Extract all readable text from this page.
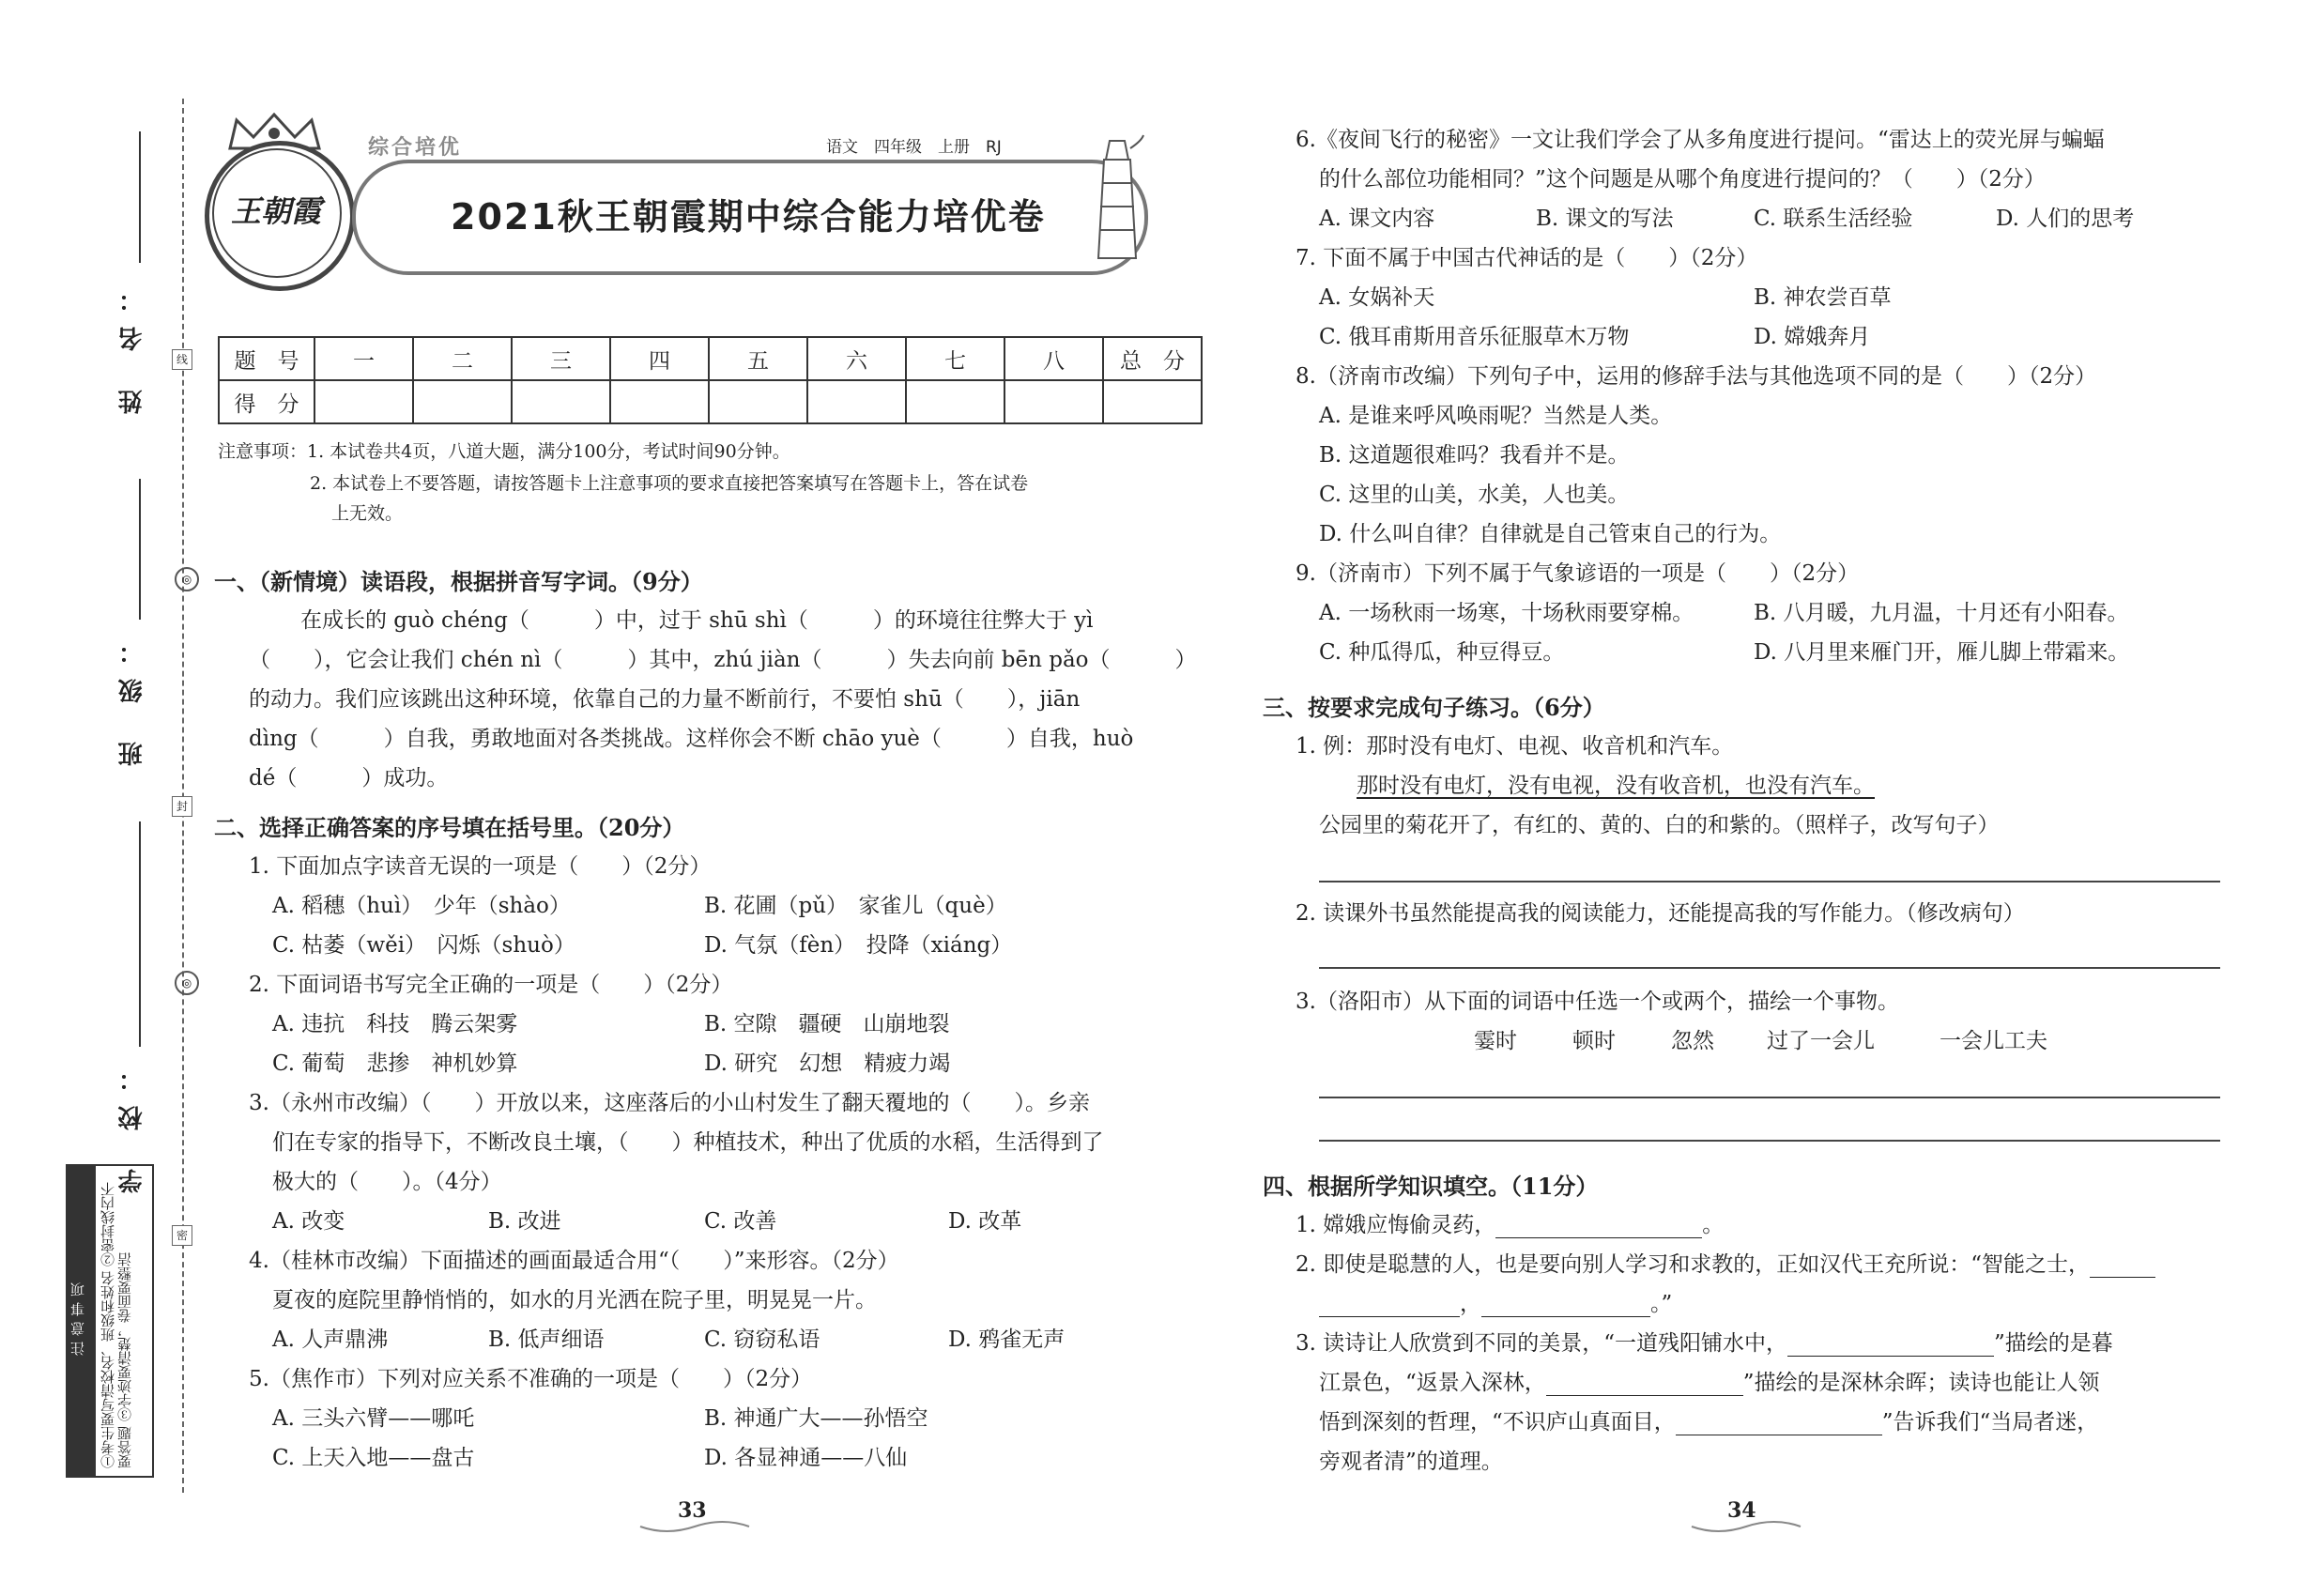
姓 名：
班 级：
学 校：
线
封
密
注意事项 ①考生要写清校名、班级和姓名 ②密封线内不要答题 ③字迹要清楚，卷面要整洁
王朝霞
综合培优	语文　四年级　上册　RJ
2021秋王朝霞期中综合能力培优卷
题　号	一	二	三	四	五	六	七	八	总　分
得　分									
注意事项：1. 本试卷共4页，八道大题，满分100分，考试时间90分钟。
2. 本试卷上不要答题，请按答题卡上注意事项的要求直接把答案填写在答题卡上，答在试卷
上无效。
◎ 一、（新情境）读语段，根据拼音写字词。（9分）
在成长的 guò chéng（　　　）中，过于 shū shì（　　　）的环境往往弊大于 yì
（　　），它会让我们 chén nì（　　　）其中，zhú jiàn（　　　）失去向前 bēn pǎo（　　　）
的动力。我们应该跳出这种环境，依靠自己的力量不断前行，不要怕 shū（　　），jiān
dìng（　　　）自我，勇敢地面对各类挑战。这样你会不断 chāo yuè（　　　）自我，huò
dé（　　　）成功。
二、选择正确答案的序号填在括号里。（20分）
1. 下面加点字读音无误的一项是（　　）（2分）
A. 稻穗（huì）　少年（shào）	B. 花圃（pǔ）　家雀儿（què）
C. 枯萎（wěi）　闪烁（shuò）	D. 气氛（fèn）　投降（xiáng）
◎	2. 下面词语书写完全正确的一项是（　　）（2分）
A. 违抗　科技　腾云架雾	B. 空隙　疆硬　山崩地裂
C. 葡萄　悲掺　神机妙算	D. 研究　幻想　精疲力竭
3.（永州市改编）（　　）开放以来，这座落后的小山村发生了翻天覆地的（　　）。乡亲
们在专家的指导下，不断改良土壤，（　　）种植技术，种出了优质的水稻，生活得到了
极大的（　　）。（4分）
A. 改变	B. 改进	C. 改善	D. 改革
4.（桂林市改编）下面描述的画面最适合用“（　　）”来形容。（2分）
夏夜的庭院里静悄悄的，如水的月光洒在院子里，明晃晃一片。
A. 人声鼎沸	B. 低声细语	C. 窃窃私语	D. 鸦雀无声
5.（焦作市）下列对应关系不准确的一项是（　　）（2分）
A. 三头六臂——哪吒	B. 神通广大——孙悟空
C. 上天入地——盘古	D. 各显神通——八仙
33
6.《夜间飞行的秘密》一文让我们学会了从多角度进行提问。“雷达上的荧光屏与蝙蝠
的什么部位功能相同？”这个问题是从哪个角度进行提问的？（　　）（2分）
A. 课文内容	B. 课文的写法	C. 联系生活经验	D. 人们的思考
7. 下面不属于中国古代神话的是（　　）（2分）
A. 女娲补天	B. 神农尝百草
C. 俄耳甫斯用音乐征服草木万物	D. 嫦娥奔月
8.（济南市改编）下列句子中，运用的修辞手法与其他选项不同的是（　　）（2分）
A. 是谁来呼风唤雨呢？当然是人类。
B. 这道题很难吗？我看并不是。
C. 这里的山美，水美，人也美。
D. 什么叫自律？自律就是自己管束自己的行为。
9.（济南市）下列不属于气象谚语的一项是（　　）（2分）
A. 一场秋雨一场寒，十场秋雨要穿棉。	B. 八月暖，九月温，十月还有小阳春。
C. 种瓜得瓜，种豆得豆。	D. 八月里来雁门开，雁儿脚上带霜来。
三、按要求完成句子练习。（6分）
1. 例：那时没有电灯、电视、收音机和汽车。
那时没有电灯，没有电视，没有收音机，也没有汽车。
公园里的菊花开了，有红的、黄的、白的和紫的。（照样子，改写句子）
2. 读课外书虽然能提高我的阅读能力，还能提高我的写作能力。（修改病句）
3.（洛阳市）从下面的词语中任选一个或两个，描绘一个事物。
霎时	顿时	忽然 过了一会儿	一会儿工夫
四、根据所学知识填空。（11分）
1. 嫦娥应悔偷灵药，	。
2. 即使是聪慧的人，也是要向别人学习和求教的，正如汉代王充所说：“智能之士，
，	。”
3. 读诗让人欣赏到不同的美景，“一道残阳铺水中，	”描绘的是暮
江景色，“返景入深林，	”描绘的是深林余晖；读诗也能让人领
悟到深刻的哲理，“不识庐山真面目，	”告诉我们“当局者迷，
旁观者清”的道理。
34
